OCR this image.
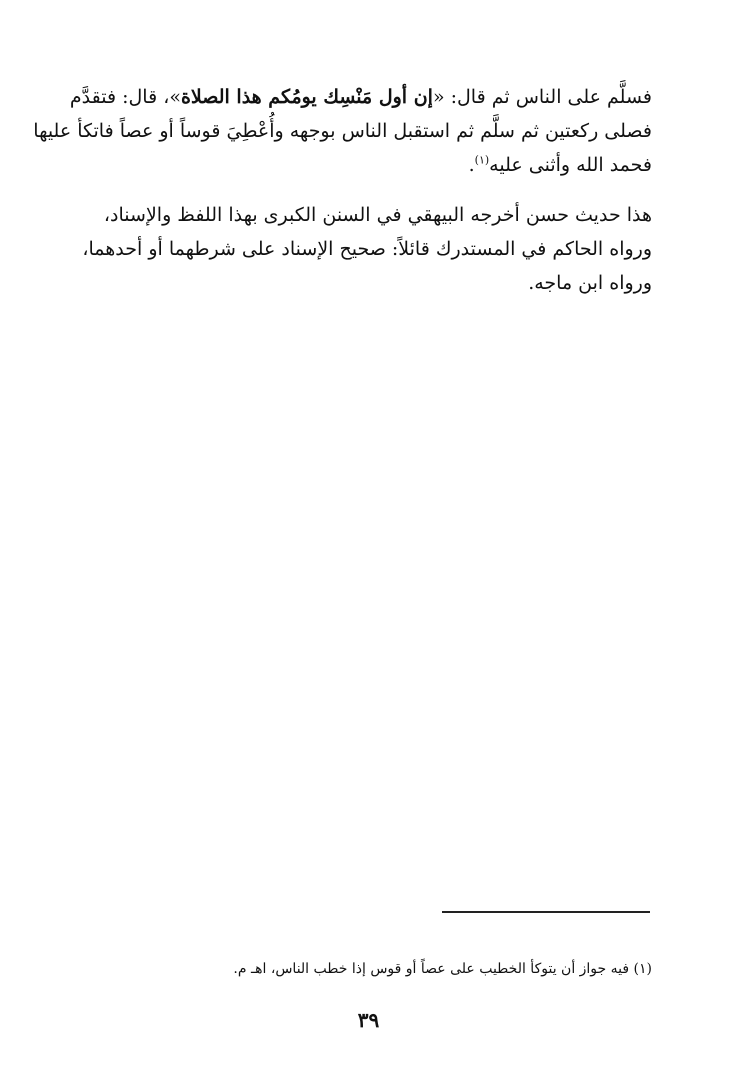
فسلَّم على الناس ثم قال: «إن أول مَنْسِك يومُكم هذا الصلاة»، قال: فتقدَّم
فصلى ركعتين ثم سلَّم ثم استقبل الناس بوجهه وأُعْطِيَ قوساً أو عصاً فاتكأ عليها
فحمد الله وأثنى عليه$^{(١)}$.
هذا حديث حسن أخرجه البيهقي في السنن الكبرى بهذا اللفظ والإسناد،
ورواه الحاكم في المستدرك قائلاً: صحيح الإسناد على شرطهما أو أحدهما،
ورواه ابن ماجه.
(١) فيه جواز أن يتوكأ الخطيب على عصاً أو قوس إذا خطب الناس، اهـ م.
٣٩
